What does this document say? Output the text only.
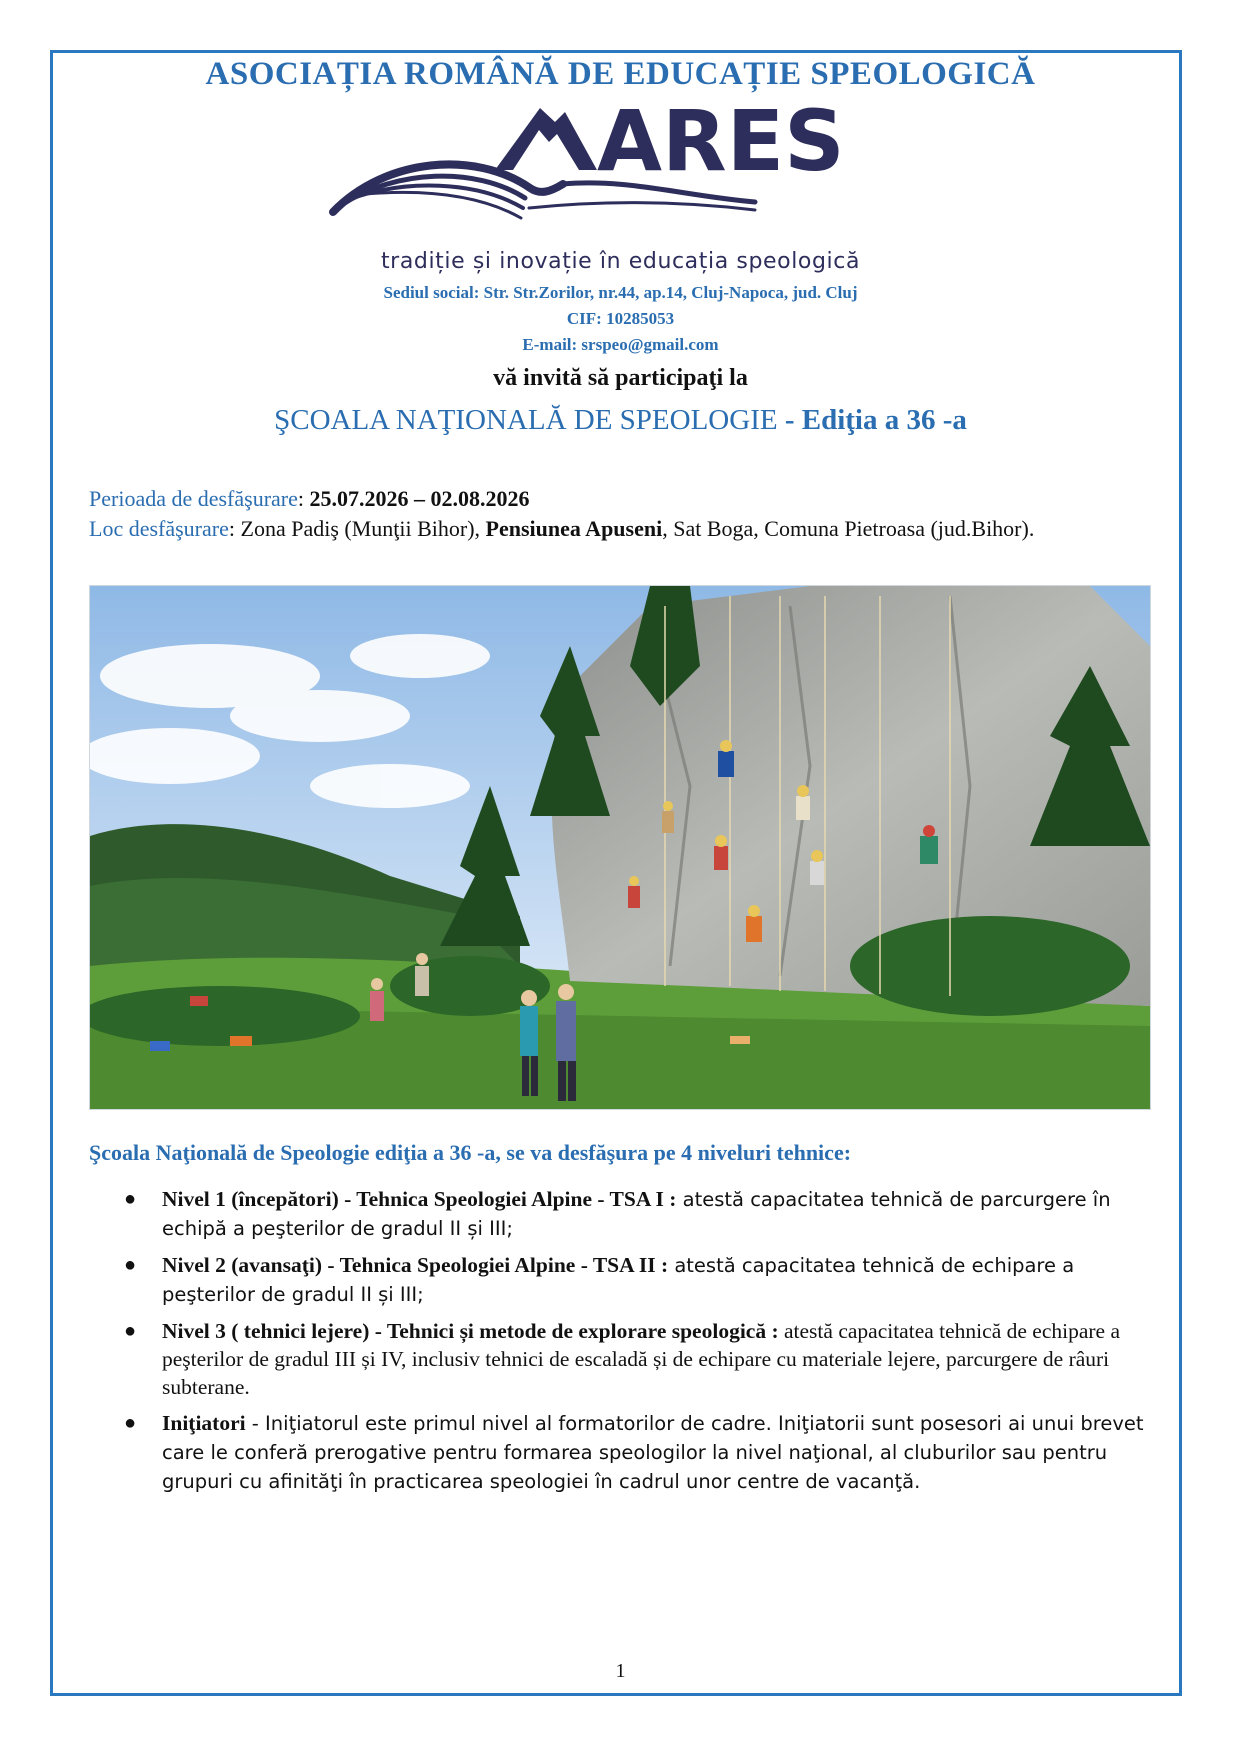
ASOCIAȚIA ROMÂNĂ DE EDUCAȚIE SPEOLOGICĂ
ARES
tradiție și inovație în educația speologică
Sediul social: Str. Str.Zorilor, nr.44, ap.14, Cluj-Napoca, jud. Cluj
CIF: 10285053
E-mail: srspeo@gmail.com
vă invită să participaţi la
ŞCOALA NAŢIONALĂ DE SPEOLOGIE - Ediţia a 36 -a
Perioada de desfăşurare: 25.07.2026 – 02.08.2026
Loc desfăşurare: Zona Padiş (Munţii Bihor), Pensiunea Apuseni, Sat Boga, Comuna Pietroasa (jud.Bihor).
Şcoala Naţională de Speologie ediţia a 36 -a, se va desfăşura pe 4 niveluri tehnice:
● Nivel 1 (începători) - Tehnica Speologiei Alpine - TSA I : atestă capacitatea tehnică de parcurgere în echipă a peşterilor de gradul II și III;
● Nivel 2 (avansaţi) - Tehnica Speologiei Alpine - TSA II : atestă capacitatea tehnică de echipare a peşterilor de gradul II și III;
● Nivel 3 ( tehnici lejere) - Tehnici și metode de explorare speologică : atestă capacitatea tehnică de echipare a peşterilor de gradul III și IV, inclusiv tehnici de escaladă și de echipare cu materiale lejere, parcurgere de râuri subterane.
● Iniţiatori - Iniţiatorul este primul nivel al formatorilor de cadre. Iniţiatorii sunt posesori ai unui brevet care le conferă prerogative pentru formarea speologilor la nivel naţional, al cluburilor sau pentru grupuri cu afinităţi în practicarea speologiei în cadrul unor centre de vacanţă.
1
